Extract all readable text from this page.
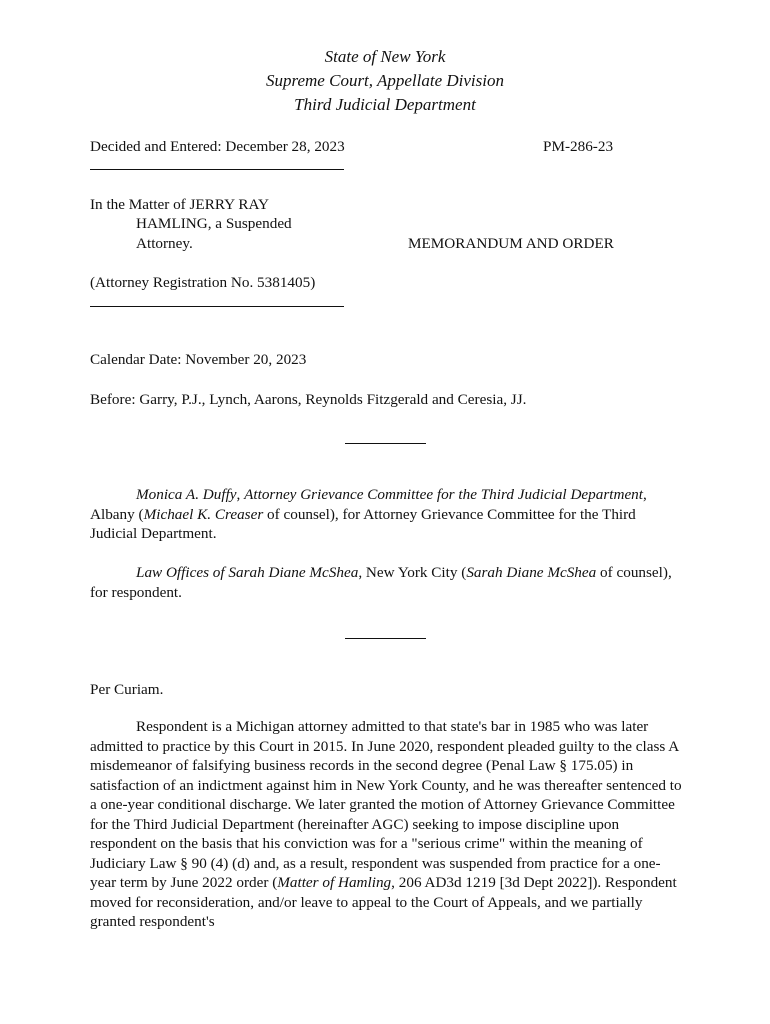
State of New York
Supreme Court, Appellate Division
Third Judicial Department
Decided and Entered: December 28, 2023	PM-286-23
In the Matter of JERRY RAY
HAMLING, a Suspended
Attorney.	MEMORANDUM AND ORDER
(Attorney Registration No. 5381405)
Calendar Date: November 20, 2023
Before: Garry, P.J., Lynch, Aarons, Reynolds Fitzgerald and Ceresia, JJ.
Monica A. Duffy, Attorney Grievance Committee for the Third Judicial Department, Albany (Michael K. Creaser of counsel), for Attorney Grievance Committee for the Third Judicial Department.
Law Offices of Sarah Diane McShea, New York City (Sarah Diane McShea of counsel), for respondent.
Per Curiam.
Respondent is a Michigan attorney admitted to that state's bar in 1985 who was later admitted to practice by this Court in 2015. In June 2020, respondent pleaded guilty to the class A misdemeanor of falsifying business records in the second degree (Penal Law § 175.05) in satisfaction of an indictment against him in New York County, and he was thereafter sentenced to a one-year conditional discharge. We later granted the motion of Attorney Grievance Committee for the Third Judicial Department (hereinafter AGC) seeking to impose discipline upon respondent on the basis that his conviction was for a "serious crime" within the meaning of Judiciary Law § 90 (4) (d) and, as a result, respondent was suspended from practice for a one-year term by June 2022 order (Matter of Hamling, 206 AD3d 1219 [3d Dept 2022]). Respondent moved for reconsideration, and/or leave to appeal to the Court of Appeals, and we partially granted respondent's
